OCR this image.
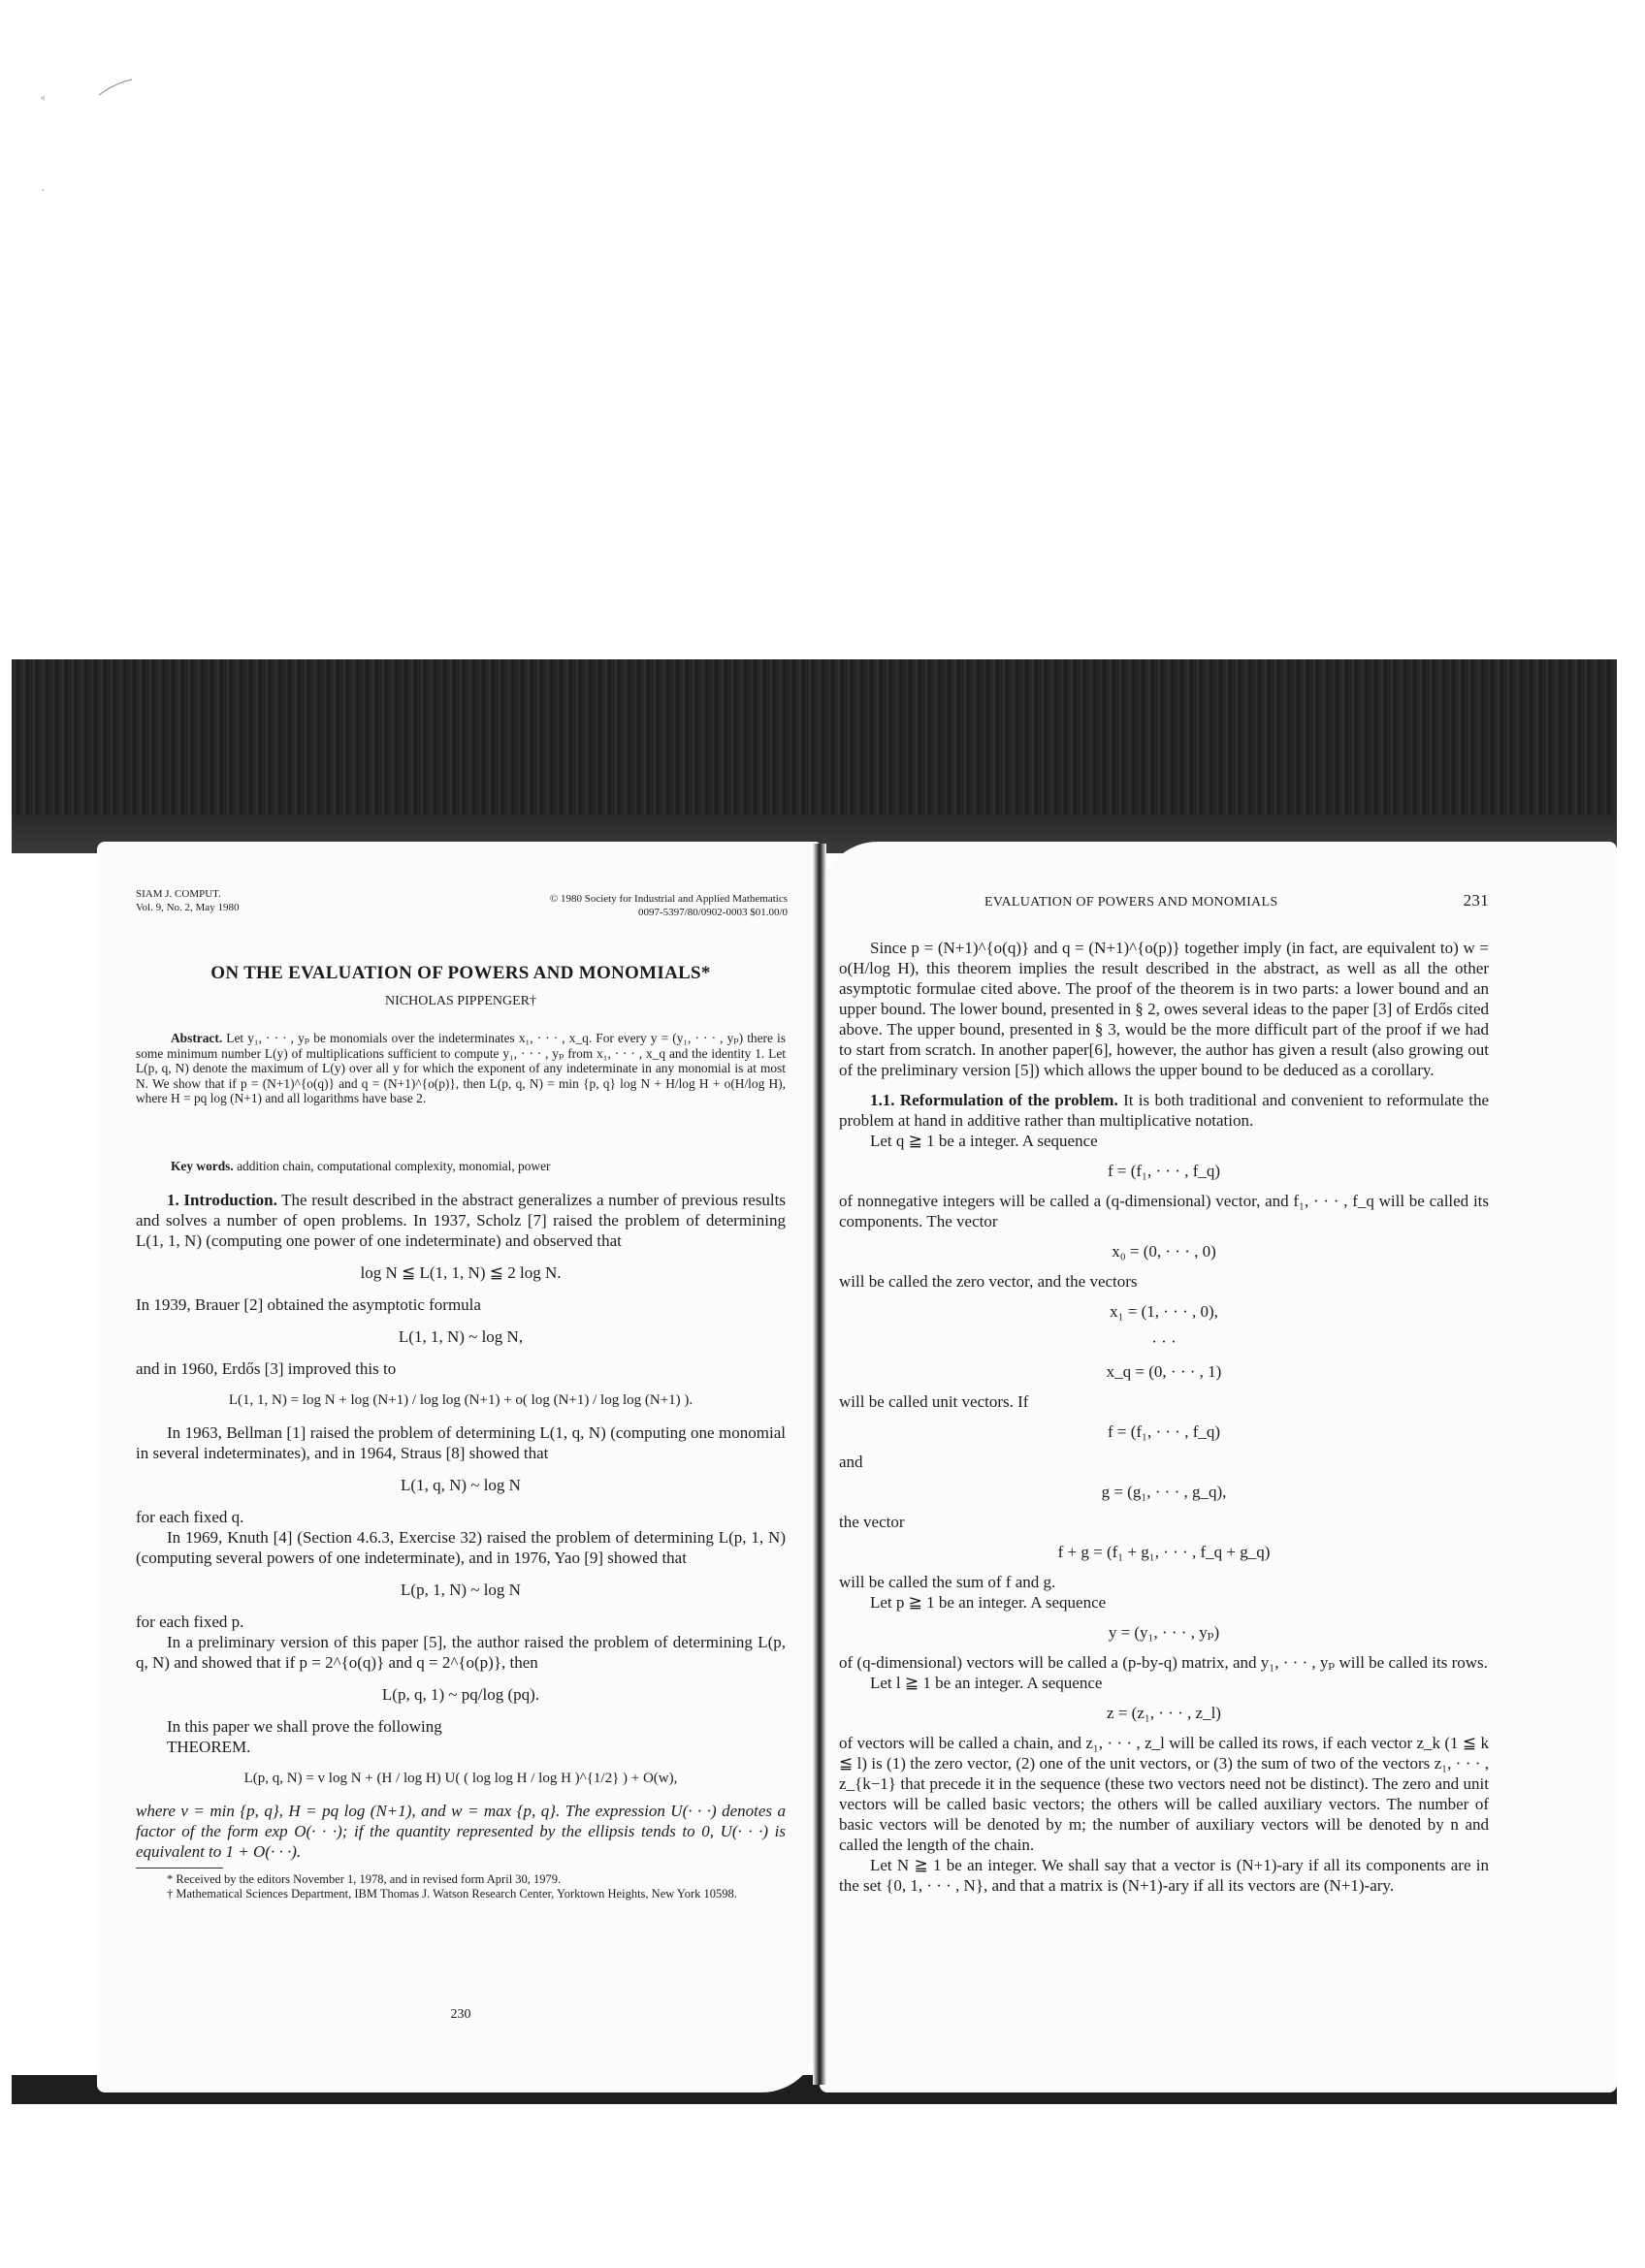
·
SIAM J. COMPUT.
Vol. 9, No. 2, May 1980
© 1980 Society for Industrial and Applied Mathematics
0097-5397/80/0902-0003 $01.00/0
ON THE EVALUATION OF POWERS AND MONOMIALS*
NICHOLAS PIPPENGER†

Abstract. Let y₁, · · · , yₚ be monomials over the indeterminates x₁, · · · , x_q. For every y = (y₁, · · · , yₚ) there is some minimum number L(y) of multiplications sufficient to compute y₁, · · · , yₚ from x₁, · · · , x_q and the identity 1. Let L(p, q, N) denote the maximum of L(y) over all y for which the exponent of any indeterminate in any monomial is at most N. We show that if p = (N+1)^{o(q)} and q = (N+1)^{o(p)}, then L(p, q, N) = min {p, q} log N + H/log H + o(H/log H), where H = pq log (N+1) and all logarithms have base 2.

Key words. addition chain, computational complexity, monomial, power

1. Introduction. The result described in the abstract generalizes a number of previous results and solves a number of open problems. In 1937, Scholz [7] raised the problem of determining L(1, 1, N) (computing one power of one indeterminate) and observed that

log N ≦ L(1, 1, N) ≦ 2 log N.

In 1939, Brauer [2] obtained the asymptotic formula

L(1, 1, N) ~ log N,

and in 1960, Erdős [3] improved this to

L(1, 1, N) = log N + log (N+1) / log log (N+1) + o( log (N+1) / log log (N+1) ).

In 1963, Bellman [1] raised the problem of determining L(1, q, N) (computing one monomial in several indeterminates), and in 1964, Straus [8] showed that

L(1, q, N) ~ log N

for each fixed q.

In 1969, Knuth [4] (Section 4.6.3, Exercise 32) raised the problem of determining L(p, 1, N) (computing several powers of one indeterminate), and in 1976, Yao [9] showed that

L(p, 1, N) ~ log N

for each fixed p.

In a preliminary version of this paper [5], the author raised the problem of determining L(p, q, N) and showed that if p = 2^{o(q)} and q = 2^{o(p)}, then

L(p, q, 1) ~ pq/log (pq).

In this paper we shall prove the following

THEOREM.

L(p, q, N) = v log N + (H / log H) U( ( log log H / log H )^{1/2} ) + O(w),

where v = min {p, q}, H = pq log (N+1), and w = max {p, q}. The expression U(· · ·) denotes a factor of the form exp O(· · ·); if the quantity represented by the ellipsis tends to 0, U(· · ·) is equivalent to 1 + O(· · ·).

* Received by the editors November 1, 1978, and in revised form April 30, 1979.

† Mathematical Sciences Department, IBM Thomas J. Watson Research Center, Yorktown Heights, New York 10598.

230
EVALUATION OF POWERS AND MONOMIALS	231

Since p = (N+1)^{o(q)} and q = (N+1)^{o(p)} together imply (in fact, are equivalent to) w = o(H/log H), this theorem implies the result described in the abstract, as well as all the other asymptotic formulae cited above. The proof of the theorem is in two parts: a lower bound and an upper bound. The lower bound, presented in § 2, owes several ideas to the paper [3] of Erdős cited above. The upper bound, presented in § 3, would be the more difficult part of the proof if we had to start from scratch. In another paper[6], however, the author has given a result (also growing out of the preliminary version [5]) which allows the upper bound to be deduced as a corollary.

1.1. Reformulation of the problem. It is both traditional and convenient to reformulate the problem at hand in additive rather than multiplicative notation.

Let q ≧ 1 be a integer. A sequence

f = (f₁, · · · , f_q)

of nonnegative integers will be called a (q-dimensional) vector, and f₁, · · · , f_q will be called its components. The vector

x₀ = (0, · · · , 0)

will be called the zero vector, and the vectors

x₁ = (1, · · · , 0),

· · ·

x_q = (0, · · · , 1)

will be called unit vectors. If

f = (f₁, · · · , f_q)

and

g = (g₁, · · · , g_q),

the vector

f + g = (f₁ + g₁, · · · , f_q + g_q)

will be called the sum of f and g.

Let p ≧ 1 be an integer. A sequence

y = (y₁, · · · , yₚ)

of (q-dimensional) vectors will be called a (p-by-q) matrix, and y₁, · · · , yₚ will be called its rows.

Let l ≧ 1 be an integer. A sequence

z = (z₁, · · · , z_l)

of vectors will be called a chain, and z₁, · · · , z_l will be called its rows, if each vector z_k (1 ≦ k ≦ l) is (1) the zero vector, (2) one of the unit vectors, or (3) the sum of two of the vectors z₁, · · · , z_{k−1} that precede it in the sequence (these two vectors need not be distinct). The zero and unit vectors will be called basic vectors; the others will be called auxiliary vectors. The number of basic vectors will be denoted by m; the number of auxiliary vectors will be denoted by n and called the length of the chain.

Let N ≧ 1 be an integer. We shall say that a vector is (N+1)-ary if all its components are in the set {0, 1, · · · , N}, and that a matrix is (N+1)-ary if all its vectors are (N+1)-ary.
